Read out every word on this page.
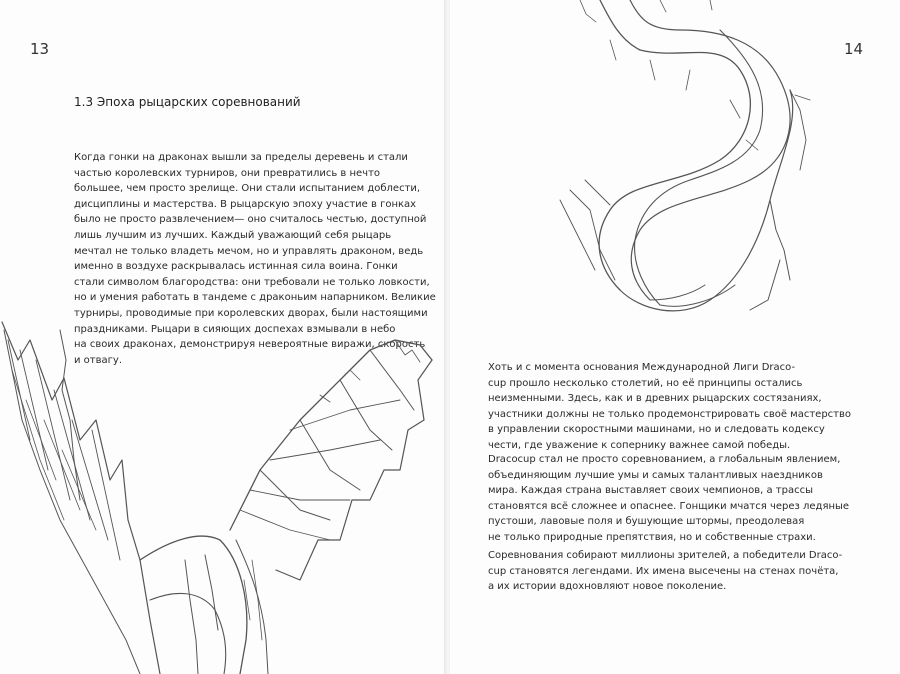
13
1.3 Эпоха рыцарских соревнований
Когда гонки на драконах вышли за пределы деревень и стали
частью королевских турниров, они превратились в нечто
большее, чем просто зрелище. Они стали испытанием доблести,
дисциплины и мастерства. В рыцарскую эпоху участие в гонках
было не просто развлечением— оно считалось честью, доступной
лишь лучшим из лучших. Каждый уважающий себя рыцарь
мечтал не только владеть мечом, но и управлять драконом, ведь
именно в воздухе раскрывалась истинная сила воина. Гонки
стали символом благородства: они требовали не только ловкости,
но и умения работать в тандеме с драконьим напарником. Великие
турниры, проводимые при королевских дворах, были настоящими
праздниками. Рыцари в сияющих доспехах взмывали в небо
на своих драконах, демонстрируя невероятные виражи, скорость
и отвагу.
14
Хоть и с момента основания Международной Лиги Draco-
cup прошло несколько столетий, но её принципы остались
неизменными. Здесь, как и в древних рыцарских состязаниях,
участники должны не только продемонстрировать своё мастерство
в управлении скоростными машинами, но и следовать кодексу
чести, где уважение к сопернику важнее самой победы.
Dracocup стал не просто соревнованием, а глобальным явлением,
объединяющим лучшие умы и самых талантливых наездников
мира. Каждая страна выставляет своих чемпионов, а трассы
становятся всё сложнее и опаснее. Гонщики мчатся через ледяные
пустоши, лавовые поля и бушующие штормы, преодолевая
не только природные препятствия, но и собственные страхи.
Соревнования собирают миллионы зрителей, а победители Draco-
cup становятся легендами. Их имена высечены на стенах почёта,
а их истории вдохновляют новое поколение.
